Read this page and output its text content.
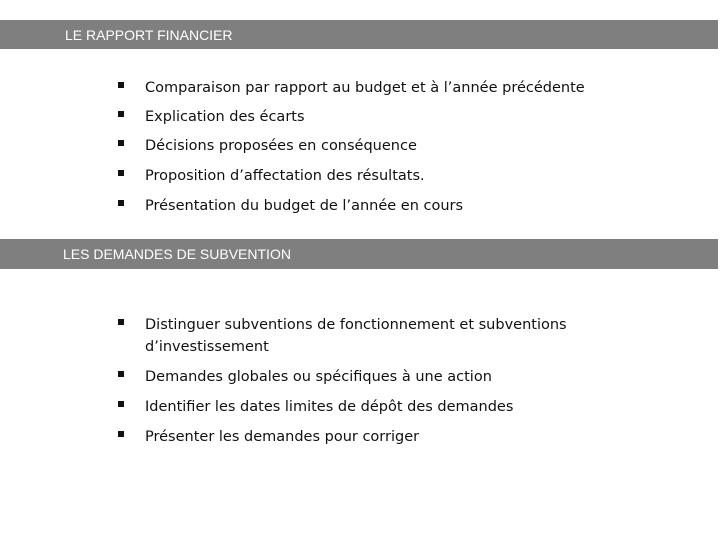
LE RAPPORT FINANCIER
Comparaison par rapport au budget et à l’année précédente
Explication des écarts
Décisions proposées en conséquence
Proposition d’affectation des résultats.
Présentation du budget de l’année en cours
LES DEMANDES DE SUBVENTION
Distinguer subventions de fonctionnement et subventions d’investissement
Demandes globales ou spécifiques à une action
Identifier les dates limites de dépôt des demandes
Présenter les demandes pour corriger
